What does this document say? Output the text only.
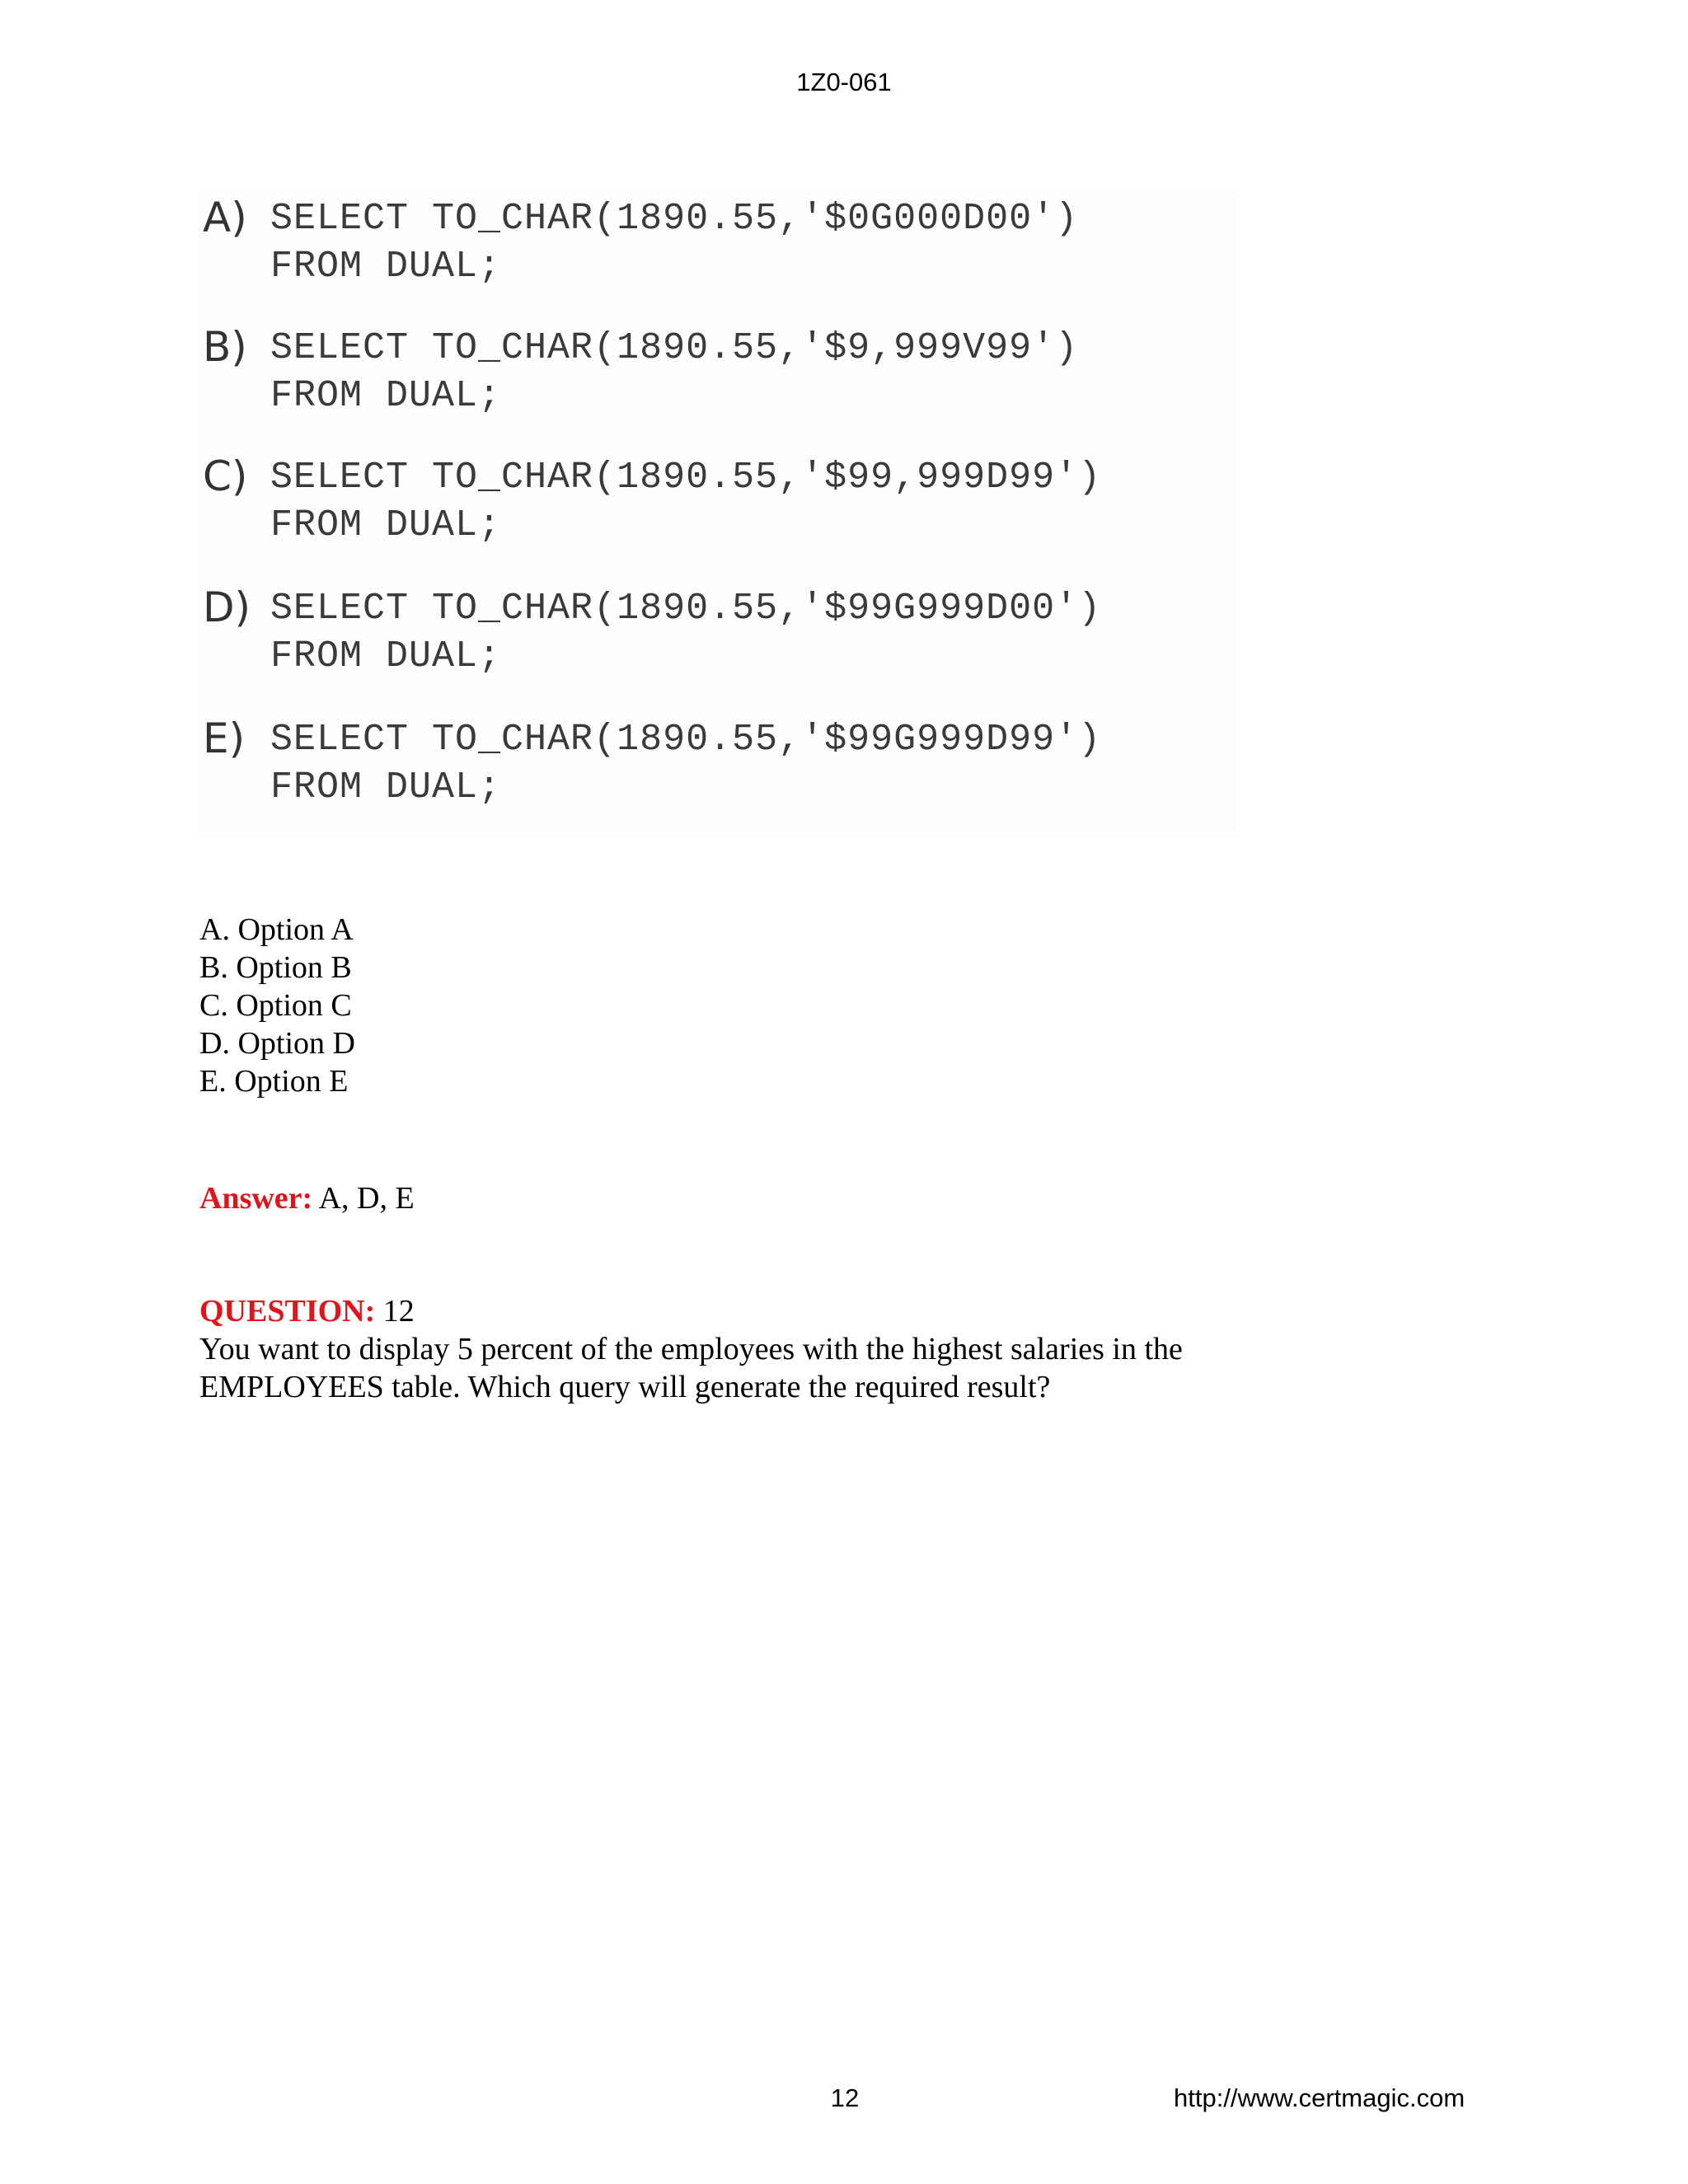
1Z0-061
A) SELECT TO_CHAR(1890.55,'$0G000D00')
FROM DUAL;
B) SELECT TO_CHAR(1890.55,'$9,999V99')
FROM DUAL;
C) SELECT TO_CHAR(1890.55,'$99,999D99')
FROM DUAL;
D) SELECT TO_CHAR(1890.55,'$99G999D00')
FROM DUAL;
E) SELECT TO_CHAR(1890.55,'$99G999D99')
FROM DUAL;
A. Option A
B. Option B
C. Option C
D. Option D
E. Option E
Answer: A, D, E
QUESTION: 12
You want to display 5 percent of the employees with the highest salaries in the
EMPLOYEES table. Which query will generate the required result?
12	http://www.certmagic.com
